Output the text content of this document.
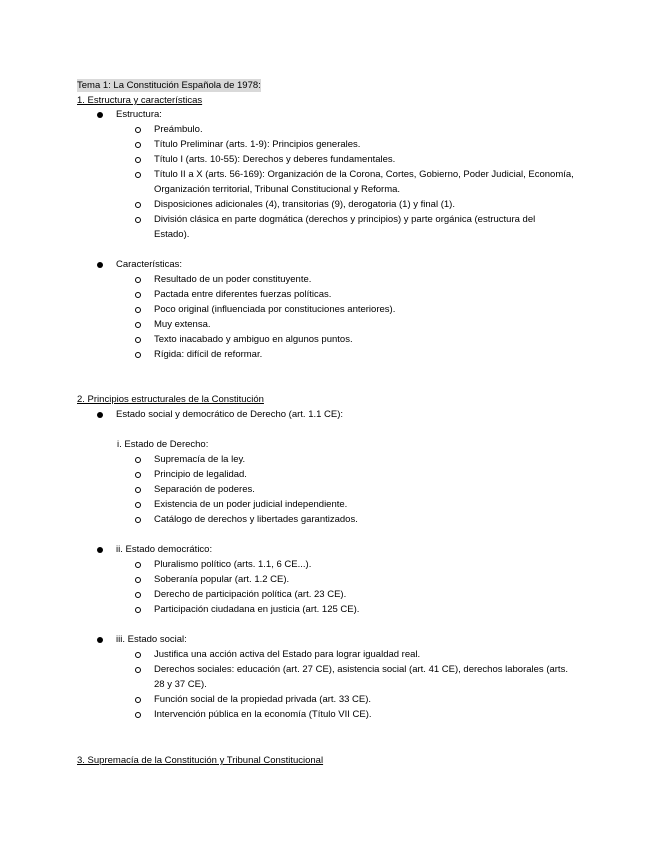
Tema 1: La Constitución Española de 1978:
1. Estructura y características
Estructura:
Preámbulo.
Título Preliminar (arts. 1-9): Principios generales.
Título I (arts. 10-55): Derechos y deberes fundamentales.
Título II a X (arts. 56-169): Organización de la Corona, Cortes, Gobierno, Poder Judicial, Economía,
Organización territorial, Tribunal Constitucional y Reforma.
Disposiciones adicionales (4), transitorias (9), derogatoria (1) y final (1).
División clásica en parte dogmática (derechos y principios) y parte orgánica (estructura del
Estado).
Características:
Resultado de un poder constituyente.
Pactada entre diferentes fuerzas políticas.
Poco original (influenciada por constituciones anteriores).
Muy extensa.
Texto inacabado y ambiguo en algunos puntos.
Rígida: difícil de reformar.
2. Principios estructurales de la Constitución
Estado social y democrático de Derecho (art. 1.1 CE):
i. Estado de Derecho:
Supremacía de la ley.
Principio de legalidad.
Separación de poderes.
Existencia de un poder judicial independiente.
Catálogo de derechos y libertades garantizados.
ii. Estado democrático:
Pluralismo político (arts. 1.1, 6 CE...).
Soberanía popular (art. 1.2 CE).
Derecho de participación política (art. 23 CE).
Participación ciudadana en justicia (art. 125 CE).
iii. Estado social:
Justifica una acción activa del Estado para lograr igualdad real.
Derechos sociales: educación (art. 27 CE), asistencia social (art. 41 CE), derechos laborales (arts.
28 y 37 CE).
Función social de la propiedad privada (art. 33 CE).
Intervención pública en la economía (Título VII CE).
3. Supremacía de la Constitución y Tribunal Constitucional
